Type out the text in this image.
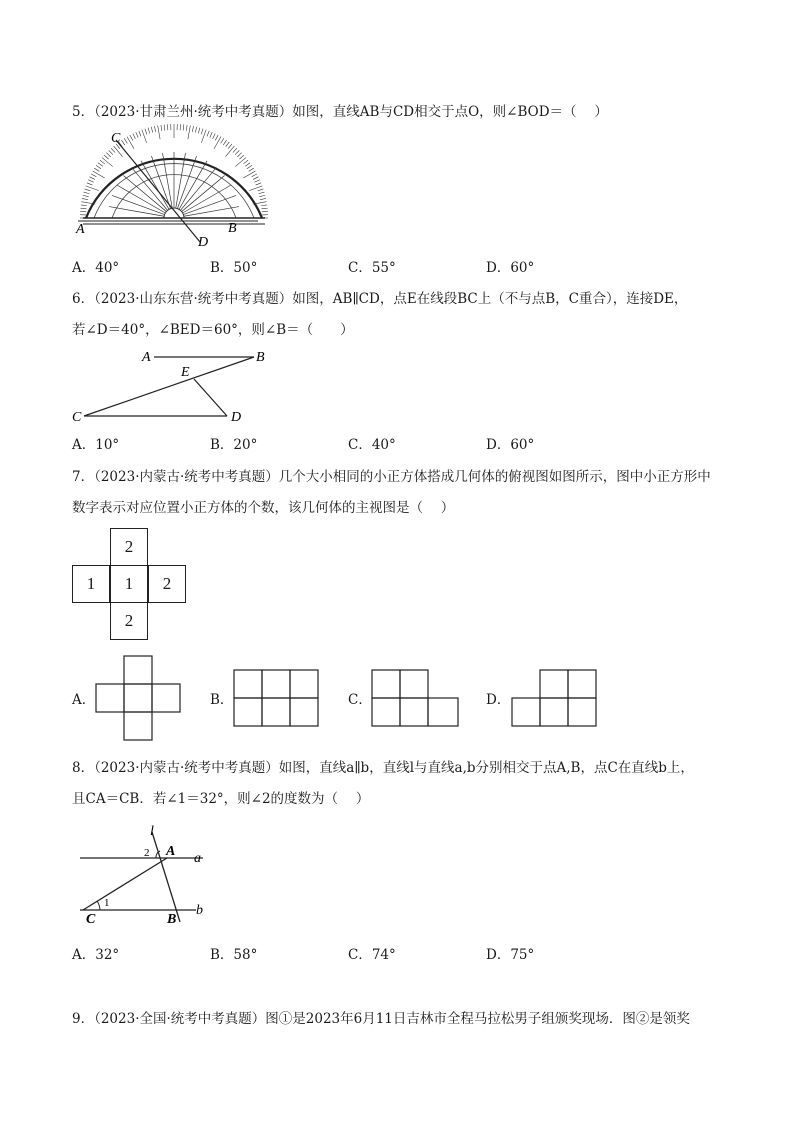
5．（2023·甘肃兰州·统考中考真题）如图，直线AB与CD相交于点O，则∠BOD＝（　 ）
A	B
C
D
A．40°	B．50°	C．55°	D．60°
6．（2023·山东东营·统考中考真题）如图，AB∥CD，点E在线段BC上（不与点B，C重合），连接DE，
若∠D＝40°，∠BED＝60°，则∠B＝（　　）
A	B
C	D
E
A．10°	B．20°	C．40°	D．60°
7．（2023·内蒙古·统考中考真题）几个大小相同的小正方体搭成几何体的俯视图如图所示，图中小正方形中
数字表示对应位置小正方体的个数，该几何体的主视图是（　 ）
2
1	1	2
2
A．	B．	C．	D．
8．（2023·内蒙古·统考中考真题）如图，直线a∥b，直线l与直线a,b分别相交于点A,B，点C在直线b上，
且CA＝CB．若∠1＝32°，则∠2的度数为（　 ）
l
a
b
A
B
C
1
2
A．32°	B．58°	C．74°	D．75°
9．（2023·全国·统考中考真题）图①是2023年6月11日吉林市全程马拉松男子组颁奖现场．图②是领奖
